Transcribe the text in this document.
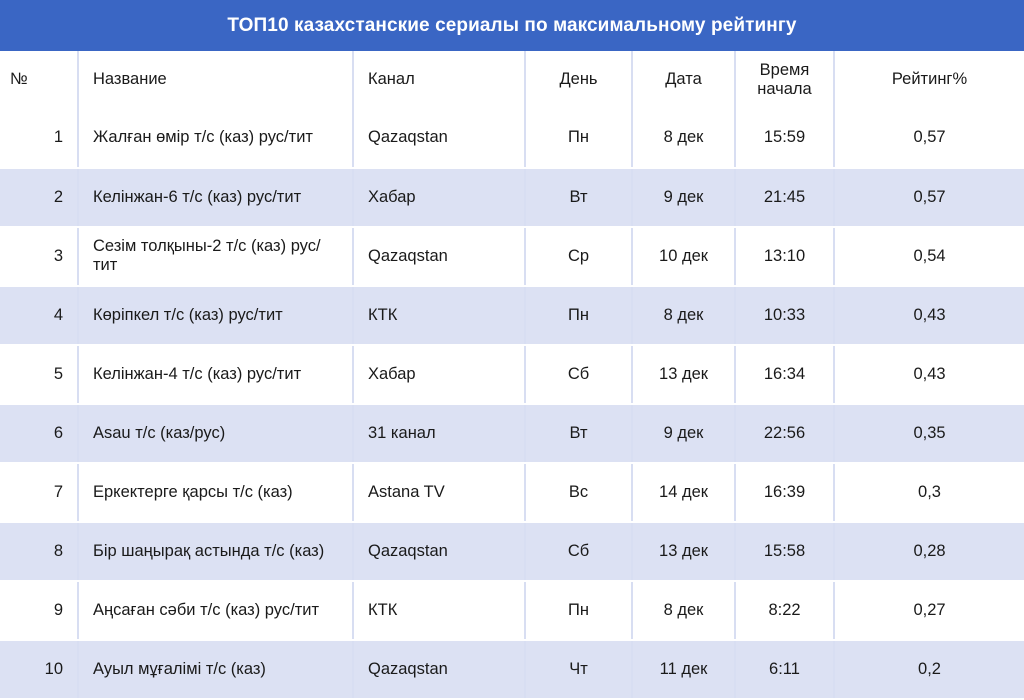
ТОП10 казахстанские сериалы по максимальному рейтингу
№	Название	Канал	День	Дата	Время начала	Рейтинг%
1	Жалған өмір т/с (каз) рус/тит	Qazaqstan	Пн	8 дек	15:59	0,57
2	Келінжан-6 т/с (каз) рус/тит	Хабар	Вт	9 дек	21:45	0,57
3	Сезім толқыны-2 т/с (каз) рус/тит	Qazaqstan	Ср	10 дек	13:10	0,54
4	Көріпкел т/с (каз) рус/тит	КТК	Пн	8 дек	10:33	0,43
5	Келінжан-4 т/с (каз) рус/тит	Хабар	Сб	13 дек	16:34	0,43
6	Asau т/с (каз/рус)	31 канал	Вт	9 дек	22:56	0,35
7	Еркектерге қарсы т/с (каз)	Astana TV	Вс	14 дек	16:39	0,3
8	Бір шаңырақ астында т/с (каз)	Qazaqstan	Сб	13 дек	15:58	0,28
9	Аңсаған сәби т/с (каз) рус/тит	КТК	Пн	8 дек	8:22	0,27
10	Ауыл мұғалімі т/с (каз)	Qazaqstan	Чт	11 дек	6:11	0,2
